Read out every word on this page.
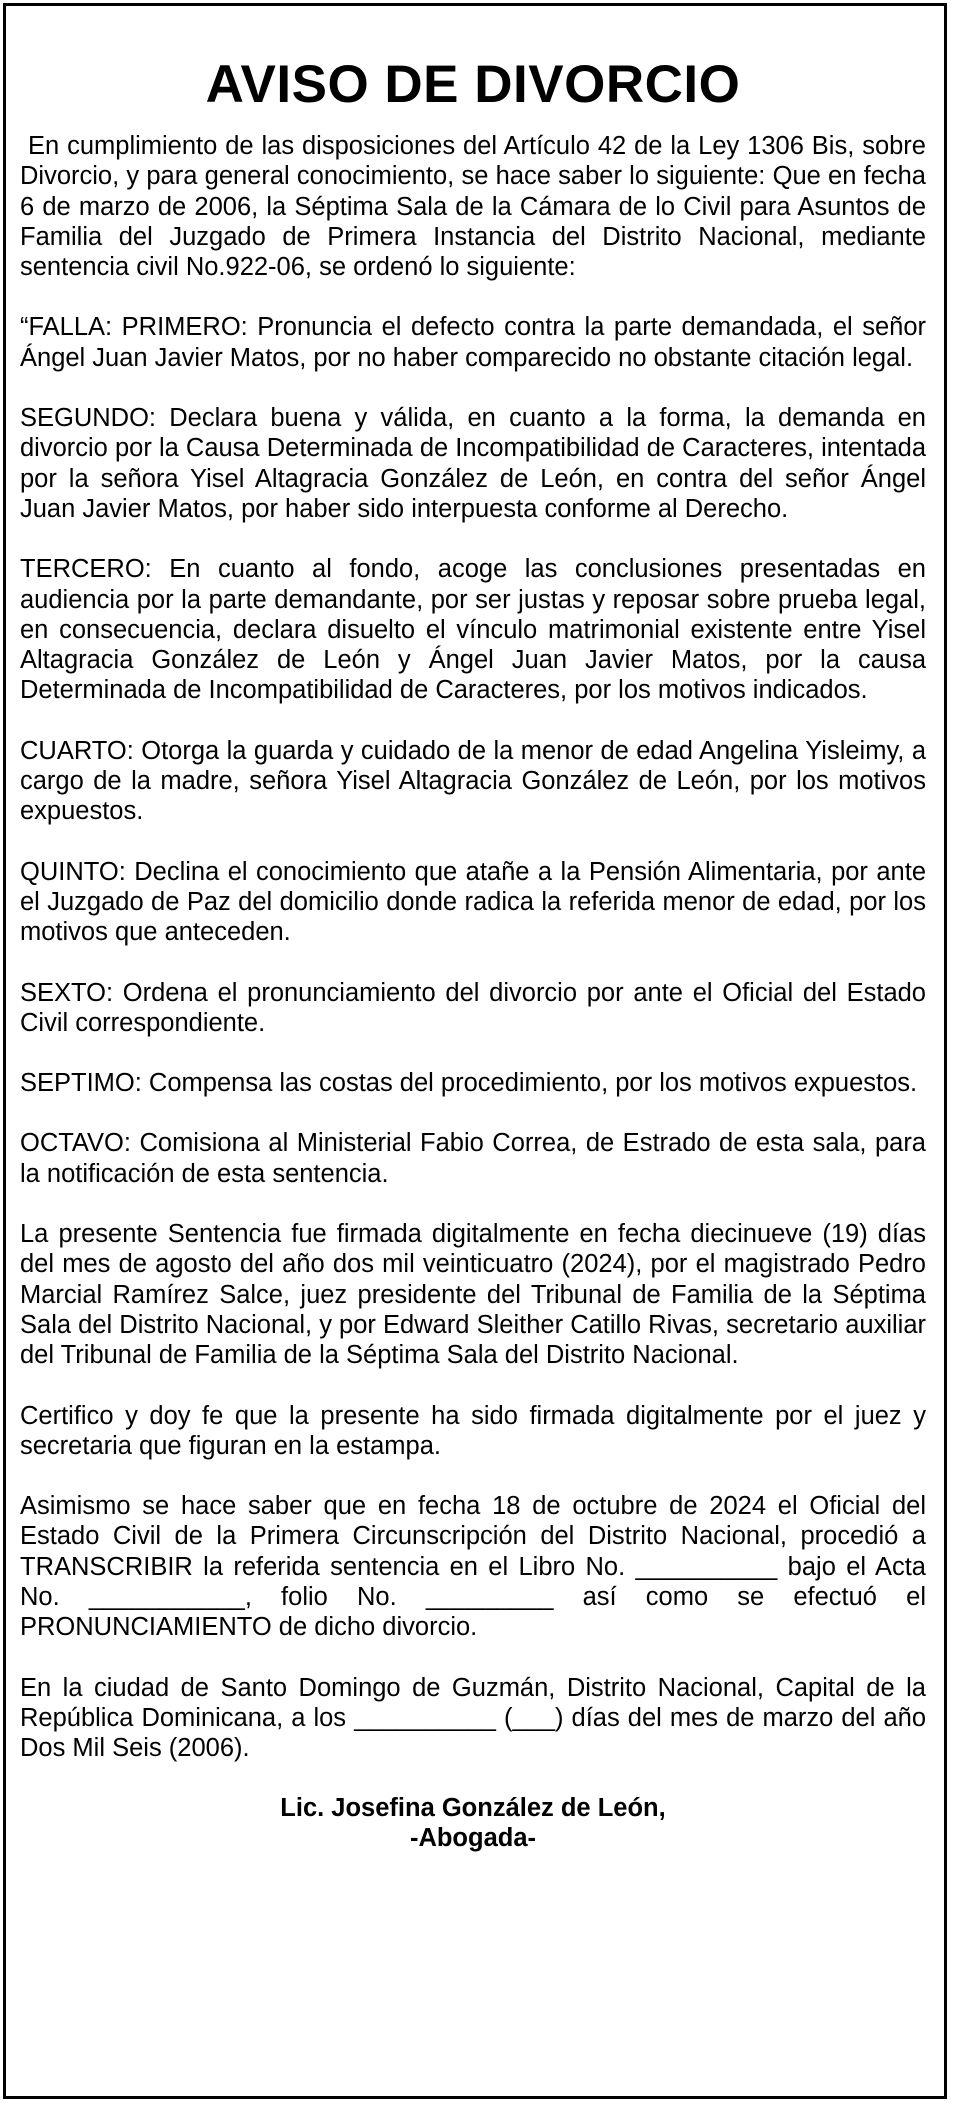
AVISO DE DIVORCIO

En cumplimiento de las disposiciones del Artículo 42 de la Ley 1306 Bis, sobre Divorcio, y para general conocimiento, se hace saber lo siguiente: Que en fecha 6 de marzo de 2006, la Séptima Sala de la Cámara de lo Civil para Asuntos de Familia del Juzgado de Primera Instancia del Distrito Nacional, mediante sentencia civil No.922-06, se ordenó lo siguiente:

“FALLA: PRIMERO: Pronuncia el defecto contra la parte demandada, el señor Ángel Juan Javier Matos, por no haber comparecido no obstante citación legal.

SEGUNDO: Declara buena y válida, en cuanto a la forma, la demanda en divorcio por la Causa Determinada de Incompatibilidad de Caracteres, intentada por la señora Yisel Altagracia González de León, en contra del señor Ángel Juan Javier Matos, por haber sido interpuesta conforme al Derecho.

TERCERO: En cuanto al fondo, acoge las conclusiones presentadas en audiencia por la parte demandante, por ser justas y reposar sobre prueba legal, en consecuencia, declara disuelto el vínculo matrimonial existente entre Yisel Altagracia González de León y Ángel Juan Javier Matos, por la causa Determinada de Incompatibilidad de Caracteres, por los motivos indicados.

CUARTO: Otorga la guarda y cuidado de la menor de edad Angelina Yisleimy, a cargo de la madre, señora Yisel Altagracia González de León, por los motivos expuestos.

QUINTO: Declina el conocimiento que atañe a la Pensión Alimentaria, por ante el Juzgado de Paz del domicilio donde radica la referida menor de edad, por los motivos que anteceden.

SEXTO: Ordena el pronunciamiento del divorcio por ante el Oficial del Estado Civil correspondiente.

SEPTIMO: Compensa las costas del procedimiento, por los motivos expuestos.

OCTAVO: Comisiona al Ministerial Fabio Correa, de Estrado de esta sala, para la notificación de esta sentencia.

La presente Sentencia fue firmada digitalmente en fecha diecinueve (19) días del mes de agosto del año dos mil veinticuatro (2024), por el magistrado Pedro Marcial Ramírez Salce, juez presidente del Tribunal de Familia de la Séptima Sala del Distrito Nacional, y por Edward Sleither Catillo Rivas, secretario auxiliar del Tribunal de Familia de la Séptima Sala del Distrito Nacional.

Certifico y doy fe que la presente ha sido firmada digitalmente por el juez y secretaria que figuran en la estampa.

Asimismo se hace saber que en fecha 18 de octubre de 2024 el Oficial del Estado Civil de la Primera Circunscripción del Distrito Nacional, procedió a TRANSCRIBIR la referida sentencia en el Libro No. __________ bajo el Acta No. ___________, folio No. _________ así como se efectuó el PRONUNCIAMIENTO de dicho divorcio.

En la ciudad de Santo Domingo de Guzmán, Distrito Nacional, Capital de la República Dominicana, a los __________ (___) días del mes de marzo del año Dos Mil Seis (2006).

Lic. Josefina González de León,
-Abogada-
